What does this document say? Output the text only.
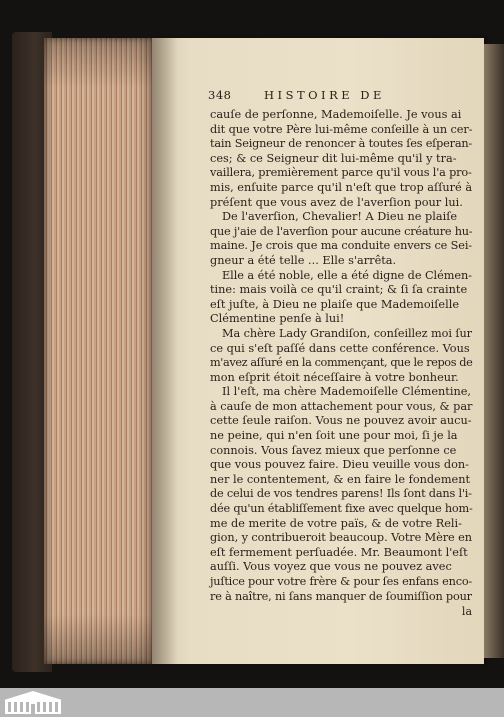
348	HISTOIRE DE
cauſe de perſonne, Mademoiſelle. Je vous ai
dit que votre Père lui-même conſeille à un cer-
tain Seigneur de renoncer à toutes ſes eſperan-
ces; & ce Seigneur dit lui-même qu'il y tra-
vaillera, premièrement parce qu'il vous l'a pro-
mis, enſuite parce qu'il n'eſt que trop aſſuré à
préſent que vous avez de l'averſion pour lui.
De l'averſion, Chevalier! A Dieu ne plaiſe
que j'aie de l'averſion pour aucune créature hu-
maine. Je crois que ma conduite envers ce Sei-
gneur a été telle ... Elle s'arrêta.
Elle a été noble, elle a été digne de Clémen-
tine: mais voilà ce qu'il craint; & ſi ſa crainte
eſt juſte, à Dieu ne plaiſe que Mademoiſelle
Clémentine penſe à lui!
Ma chère Lady Grandiſon, conſeillez moi ſur
ce qui s'eſt paſſé dans cette conférence. Vous
m'avez aſſuré en la commençant, que le repos de
mon eſprit étoit néceſſaire à votre bonheur.
Il l'eſt, ma chère Mademoiſelle Clémentine,
à cauſe de mon attachement pour vous, & par
cette ſeule raiſon. Vous ne pouvez avoir aucu-
ne peine, qui n'en ſoit une pour moi, ſi je la
connois. Vous ſavez mieux que perſonne ce
que vous pouvez faire. Dieu veuille vous don-
ner le contentement, & en faire le fondement
de celui de vos tendres parens! Ils ſont dans l'i-
dée qu'un établiſſement fixe avec quelque hom-
me de merite de votre païs, & de votre Reli-
gion, y contribueroit beaucoup. Votre Mère en
eſt fermement perſuadée. Mr. Beaumont l'eſt
auſſi. Vous voyez que vous ne pouvez avec
juſtice pour votre frère & pour ſes enfans enco-
re à naître, ni ſans manquer de ſoumiſſion pour
la
